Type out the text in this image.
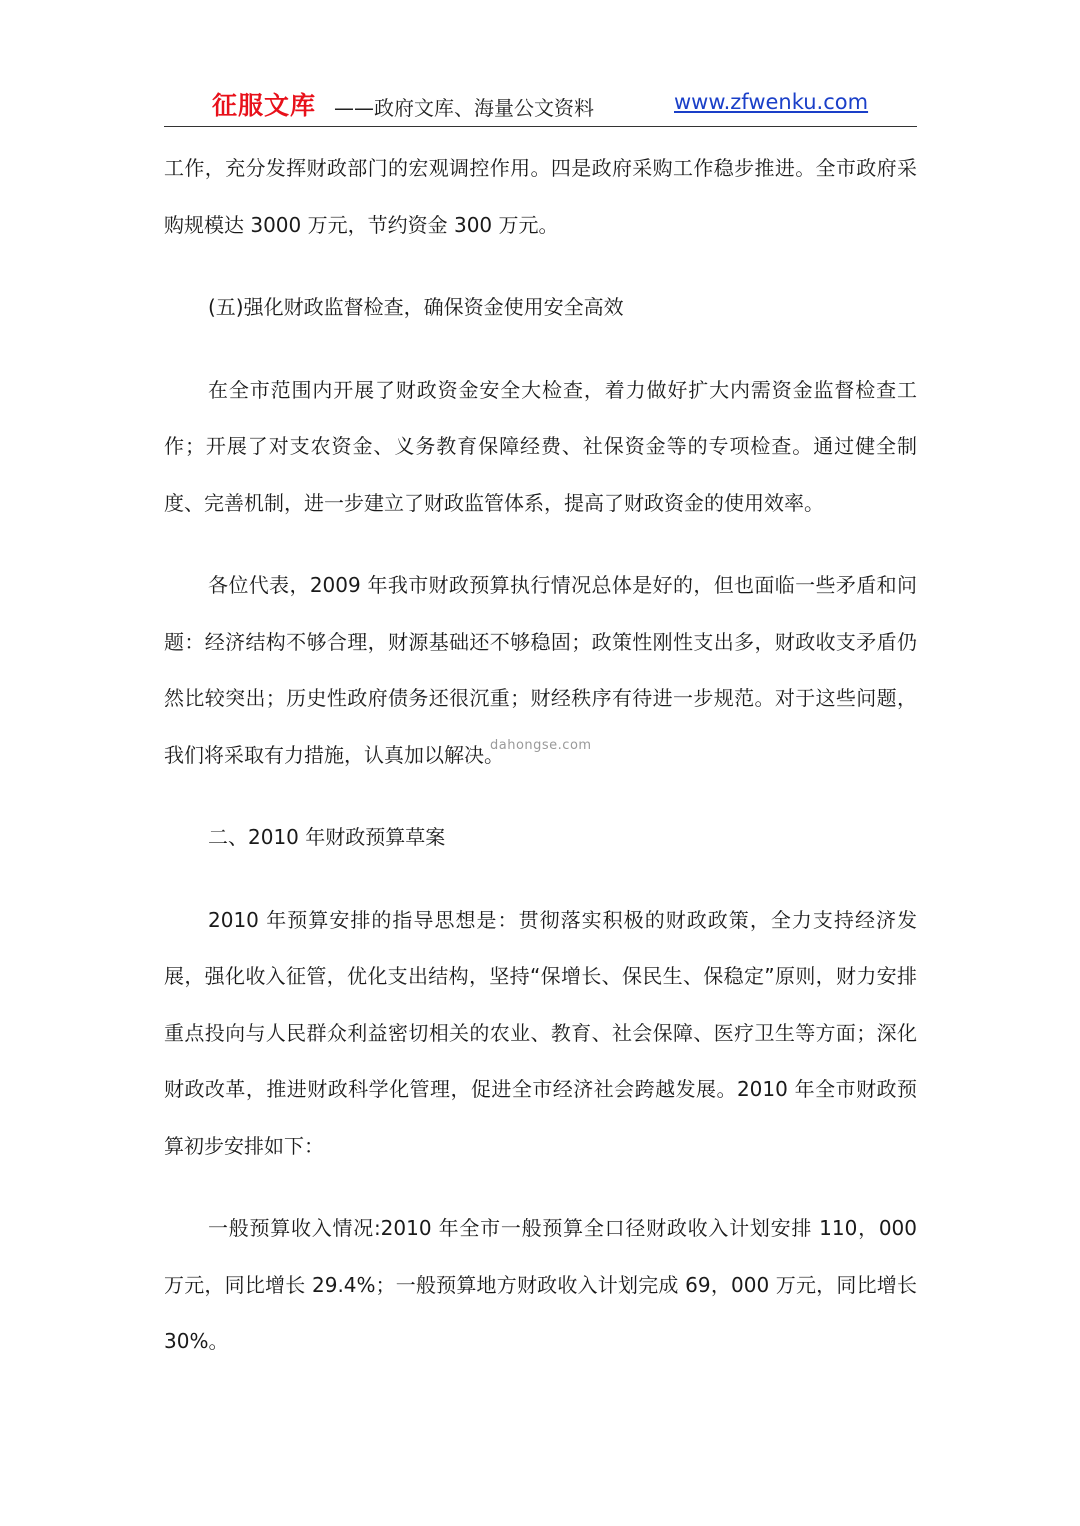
征服文库 ——政府文库、海量公文资料	www.zfwenku.com

工作，充分发挥财政部门的宏观调控作用。四是政府采购工作稳步推进。全市政府采购规模达 3000 万元，节约资金 300 万元。

(五)强化财政监督检查，确保资金使用安全高效

在全市范围内开展了财政资金安全大检查，着力做好扩大内需资金监督检查工作；开展了对支农资金、义务教育保障经费、社保资金等的专项检查。通过健全制度、完善机制，进一步建立了财政监管体系，提高了财政资金的使用效率。

各位代表，2009 年我市财政预算执行情况总体是好的，但也面临一些矛盾和问题：经济结构不够合理，财源基础还不够稳固；政策性刚性支出多，财政收支矛盾仍然比较突出；历史性政府债务还很沉重；财经秩序有待进一步规范。对于这些问题，我们将采取有力措施，认真加以解决。

二、2010 年财政预算草案

2010 年预算安排的指导思想是：贯彻落实积极的财政政策，全力支持经济发展，强化收入征管，优化支出结构，坚持“保增长、保民生、保稳定”原则，财力安排重点投向与人民群众利益密切相关的农业、教育、社会保障、医疗卫生等方面；深化财政改革，推进财政科学化管理，促进全市经济社会跨越发展。2010 年全市财政预算初步安排如下：

一般预算收入情况:2010 年全市一般预算全口径财政收入计划安排 110，000 万元，同比增长 29.4%；一般预算地方财政收入计划完成 69，000 万元，同比增长 30%。

dahongse.com
